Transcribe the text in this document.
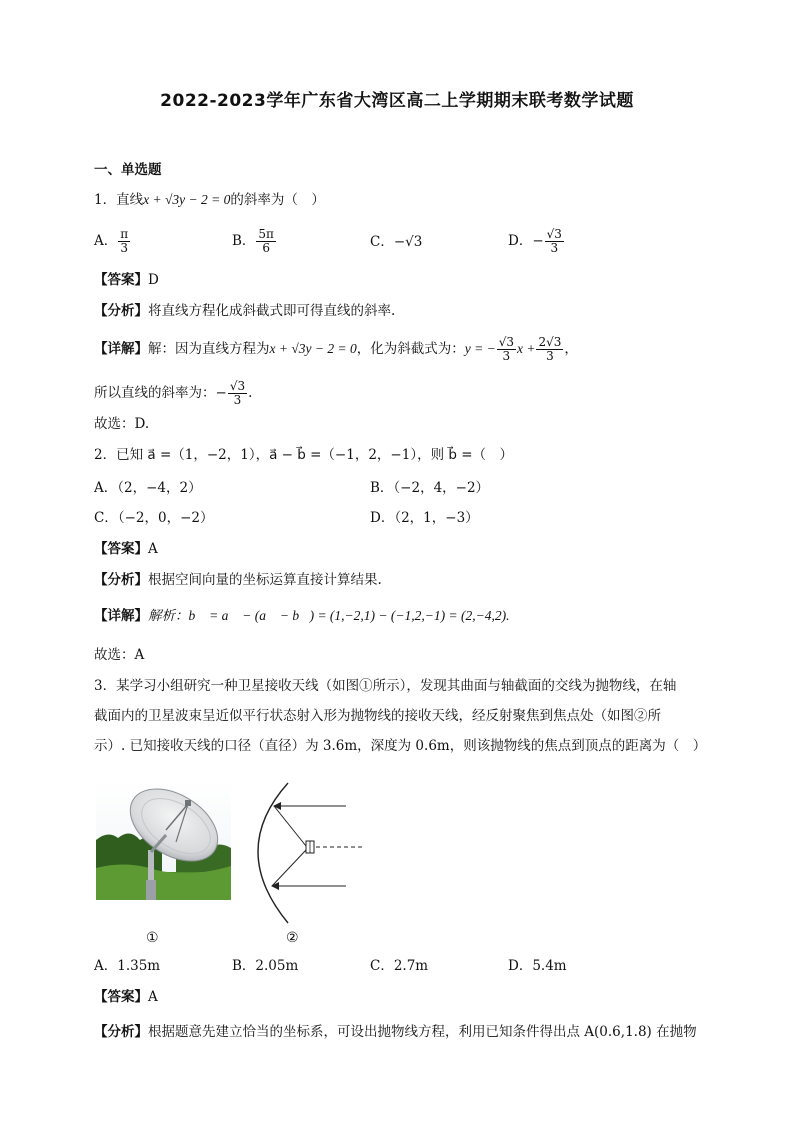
2022-2023学年广东省大湾区高二上学期期末联考数学试题
一、单选题
1．直线x + √3y − 2 = 0的斜率为（　）
A． $\frac{\pi}{3}$	B． $\frac{5\pi}{6}$	C．−√3	D．− $\frac{√3}{3}$
【答案】D
【分析】将直线方程化成斜截式即可得直线的斜率.
【详解】解：因为直线方程为x + √3y − 2 = 0，化为斜截式为：y = − $\frac{√3}{3}$ $x + \frac{2√3}{3}$ ，
所以直线的斜率为：− $\frac{√3}{3}$ .
故选：D.
2．已知 a⃗ =（1，−2，1），a⃗ − b⃗ =（−1，2，−1），则 b⃗ =（　）
A．（2，−4，2）	B．（−2，4，−2）
C．（−2，0，−2）	D．（2，1，−3）
【答案】A
【分析】根据空间向量的坐标运算直接计算结果.
【详解】解析：b⃗ = a⃗ − (a⃗ − b⃗) = (1,−2,1) − (−1,2,−1) = (2,−4,2).
故选：A
3．某学习小组研究一种卫星接收天线（如图①所示），发现其曲面与轴截面的交线为抛物线，在轴
截面内的卫星波束呈近似平行状态射入形为抛物线的接收天线，经反射聚焦到焦点处（如图②所
示）. 已知接收天线的口径（直径）为 3.6m，深度为 0.6m，则该抛物线的焦点到顶点的距离为（　）
①	②
A．1.35m	B．2.05m	C．2.7m	D．5.4m
【答案】A
【分析】根据题意先建立恰当的坐标系，可设出抛物线方程，利用已知条件得出点 A(0.6,1.8) 在抛物
